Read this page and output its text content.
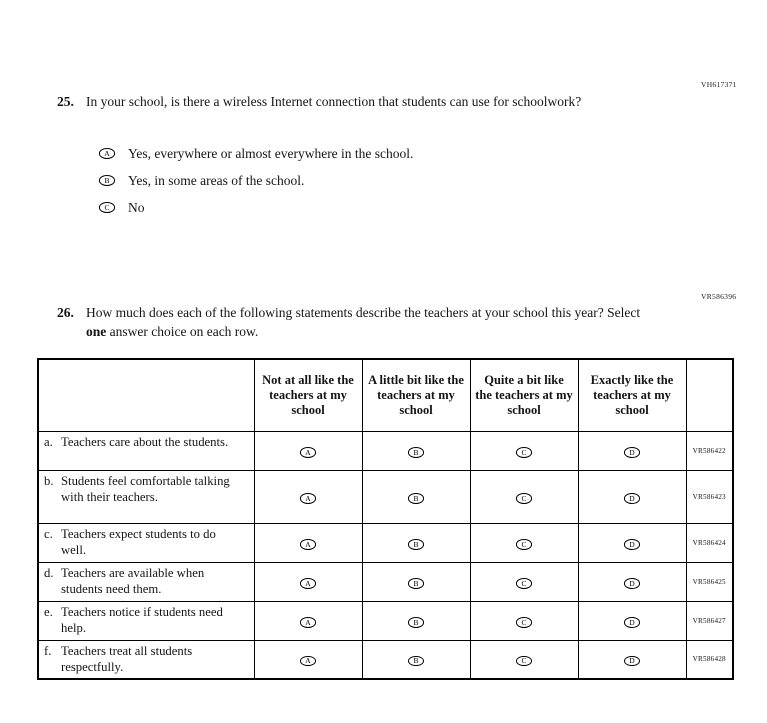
VH617371
25. In your school, is there a wireless Internet connection that students can use for schoolwork?
A	Yes, everywhere or almost everywhere in the school.
B	Yes, in some areas of the school.
C	No
VR586396
26. How much does each of the following statements describe the teachers at your school this year? Select one answer choice on each row.
	Not at all like the teachers at my school	A little bit like the teachers at my school	Quite a bit like the teachers at my school	Exactly like the teachers at my school	

a. Teachers care about the students.	A	B	C	D	VR586422

b. Students feel comfortable talking with their teachers.	A	B	C	D	VR586423

c. Teachers expect students to do well.	A	B	C	D	VR586424

d. Teachers are available when students need them.	A	B	C	D	VR586425

e. Teachers notice if students need help.	A	B	C	D	VR586427

f. Teachers treat all students respectfully.	A	B	C	D	VR586428
